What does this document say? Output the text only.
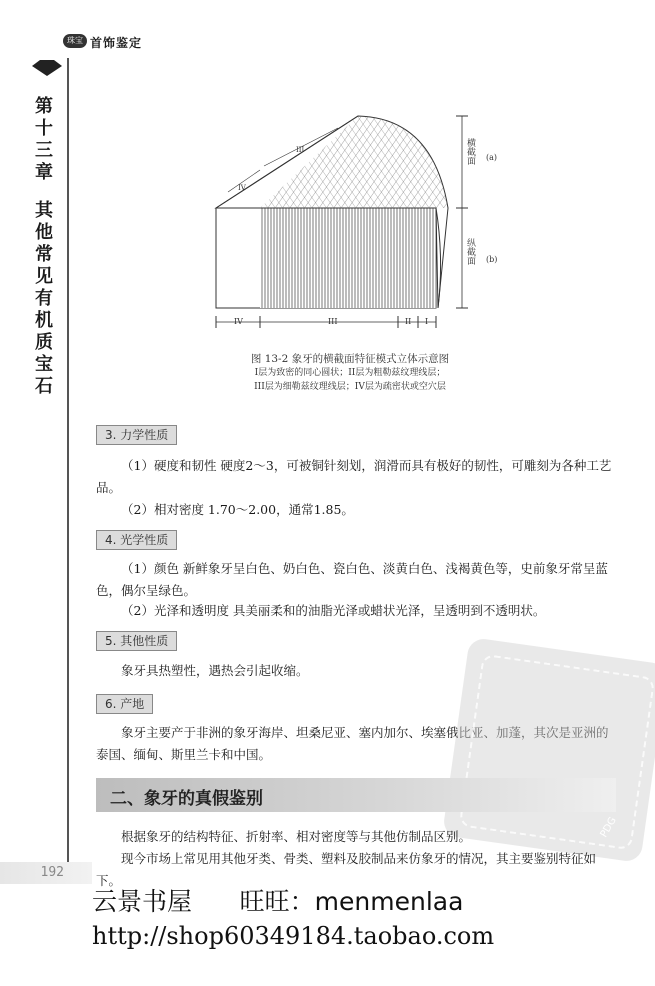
珠宝 首饰鉴定
第
十
三
章
其
他
常
见
有
机
质
宝
石
IV	III	II I
IV
III	横截面
纵截面
(a)
(b)
图 13-2 象牙的横截面特征模式立体示意图
I层为致密的同心圆状；II层为粗勒兹纹理线层；
III层为细勒兹纹理线层；IV层为疏密状或空穴层
3. 力学性质
（1）硬度和韧性 硬度2～3，可被铜针刻划，润滑而具有极好的韧性，可雕刻为各种工艺品。
（2）相对密度 1.70～2.00，通常1.85。
4. 光学性质
（1）颜色 新鲜象牙呈白色、奶白色、瓷白色、淡黄白色、浅褐黄色等，史前象牙常呈蓝色，偶尔呈绿色。
（2）光泽和透明度 具美丽柔和的油脂光泽或蜡状光泽，呈透明到不透明状。
5. 其他性质
象牙具热塑性，遇热会引起收缩。
6. 产地
象牙主要产于非洲的象牙海岸、坦桑尼亚、塞内加尔、埃塞俄比亚、加蓬，其次是亚洲的泰国、缅甸、斯里兰卡和中国。
PDG
二、象牙的真假鉴别
根据象牙的结构特征、折射率、相对密度等与其他仿制品区别。
现今市场上常见用其他牙类、骨类、塑料及胶制品来仿象牙的情况，其主要鉴别特征如下。
192
云景书屋      旺旺：menmenlaa
http://shop60349184.taobao.com
